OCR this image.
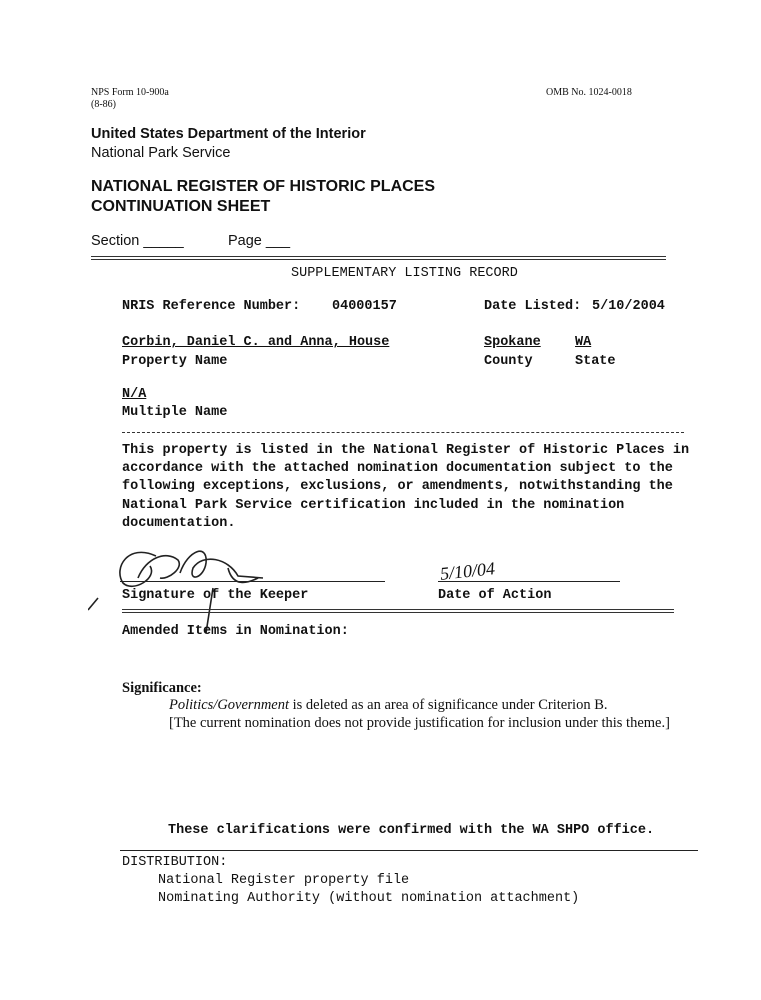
NPS Form 10-900a
(8-86)
OMB No. 1024-0018
United States Department of the Interior
National Park Service
NATIONAL REGISTER OF HISTORIC PLACES
CONTINUATION SHEET
Section _____	Page ___
SUPPLEMENTARY LISTING RECORD
NRIS Reference Number: 04000157	Date Listed: 5/10/2004
Corbin, Daniel C. and Anna, House	Spokane	WA
Property Name	County	State
N/A
Multiple Name
This property is listed in the National Register of Historic Places in accordance with the attached nomination documentation subject to the following exceptions, exclusions, or amendments, notwithstanding the National Park Service certification included in the nomination documentation.
5/10/04
Signature of the Keeper	Date of Action
Amended Items in Nomination:
Significance:
Politics/Government is deleted as an area of significance under Criterion B.
[The current nomination does not provide justification for inclusion under this theme.]
These clarifications were confirmed with the WA SHPO office.
DISTRIBUTION:
National Register property file
Nominating Authority (without nomination attachment)
